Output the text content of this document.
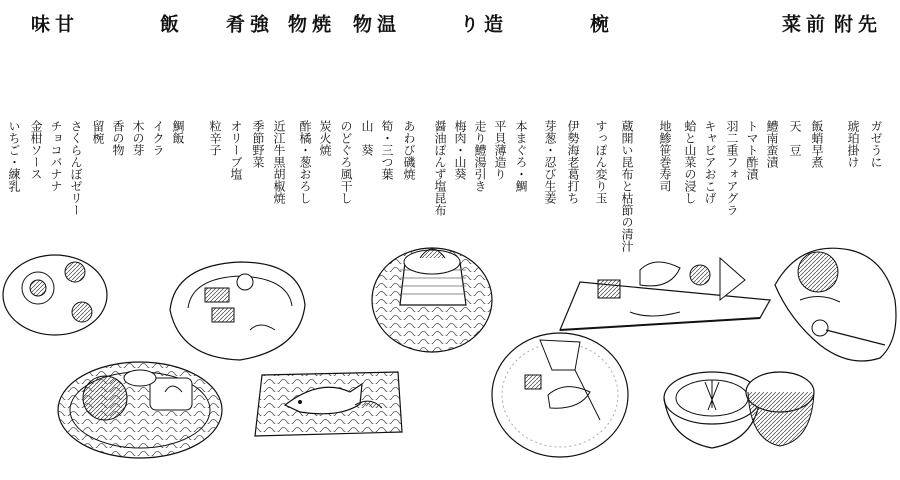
先
附
ガゼうに
琥珀掛け
前
菜
飯蛸早煮
天　豆
鱧南蛮漬
トマト酢漬
羽二重フォアグラ
キャビアおこげ
蛤と山菜の浸し
地鯵笹巻寿司
椀
蔵開い昆布と枯節の清汁
すっぽん変り玉
伊勢海老葛打ち
芽葱・忍び生姜
造
り
本まぐろ・鯛
平貝薄造り
走り鱧湯引き
梅肉・山葵
醤油ぽんず塩昆布
温
物
あわび磯焼
筍・三つ葉
山　葵
焼
物
のどぐろ風干し
炭火焼
酢橘・葱おろし
強
肴
近江牛黒胡椒焼
季節野菜
オリーブ塩
粒辛子
飯
鯛飯
イクラ
木の芽
香の物
留椀
甘
味
さくらんぼゼリー
チョコバナナ
金柑ソース
いちご・練乳
